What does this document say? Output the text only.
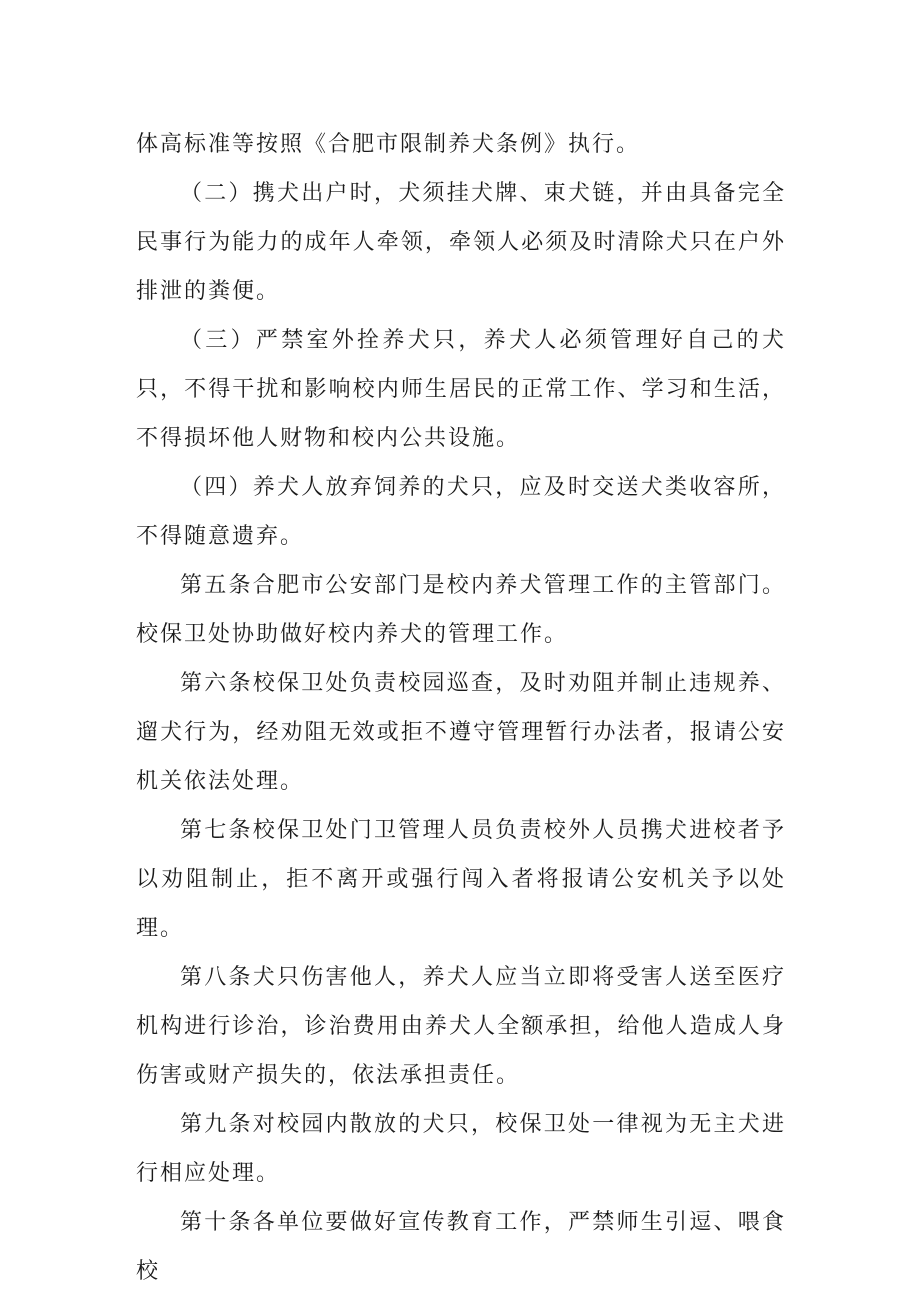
体高标准等按照《合肥市限制养犬条例》执行。

（二）携犬出户时，犬须挂犬牌、束犬链，并由具备完全民事行为能力的成年人牵领，牵领人必须及时清除犬只在户外排泄的粪便。

（三）严禁室外拴养犬只，养犬人必须管理好自己的犬只，不得干扰和影响校内师生居民的正常工作、学习和生活，不得损坏他人财物和校内公共设施。

（四）养犬人放弃饲养的犬只，应及时交送犬类收容所，不得随意遗弃。

第五条合肥市公安部门是校内养犬管理工作的主管部门。校保卫处协助做好校内养犬的管理工作。

第六条校保卫处负责校园巡查，及时劝阻并制止违规养、遛犬行为，经劝阻无效或拒不遵守管理暂行办法者，报请公安机关依法处理。

第七条校保卫处门卫管理人员负责校外人员携犬进校者予以劝阻制止，拒不离开或强行闯入者将报请公安机关予以处理。

第八条犬只伤害他人，养犬人应当立即将受害人送至医疗机构进行诊治，诊治费用由养犬人全额承担，给他人造成人身伤害或财产损失的，依法承担责任。

第九条对校园内散放的犬只，校保卫处一律视为无主犬进行相应处理。

第十条各单位要做好宣传教育工作，严禁师生引逗、喂食校
